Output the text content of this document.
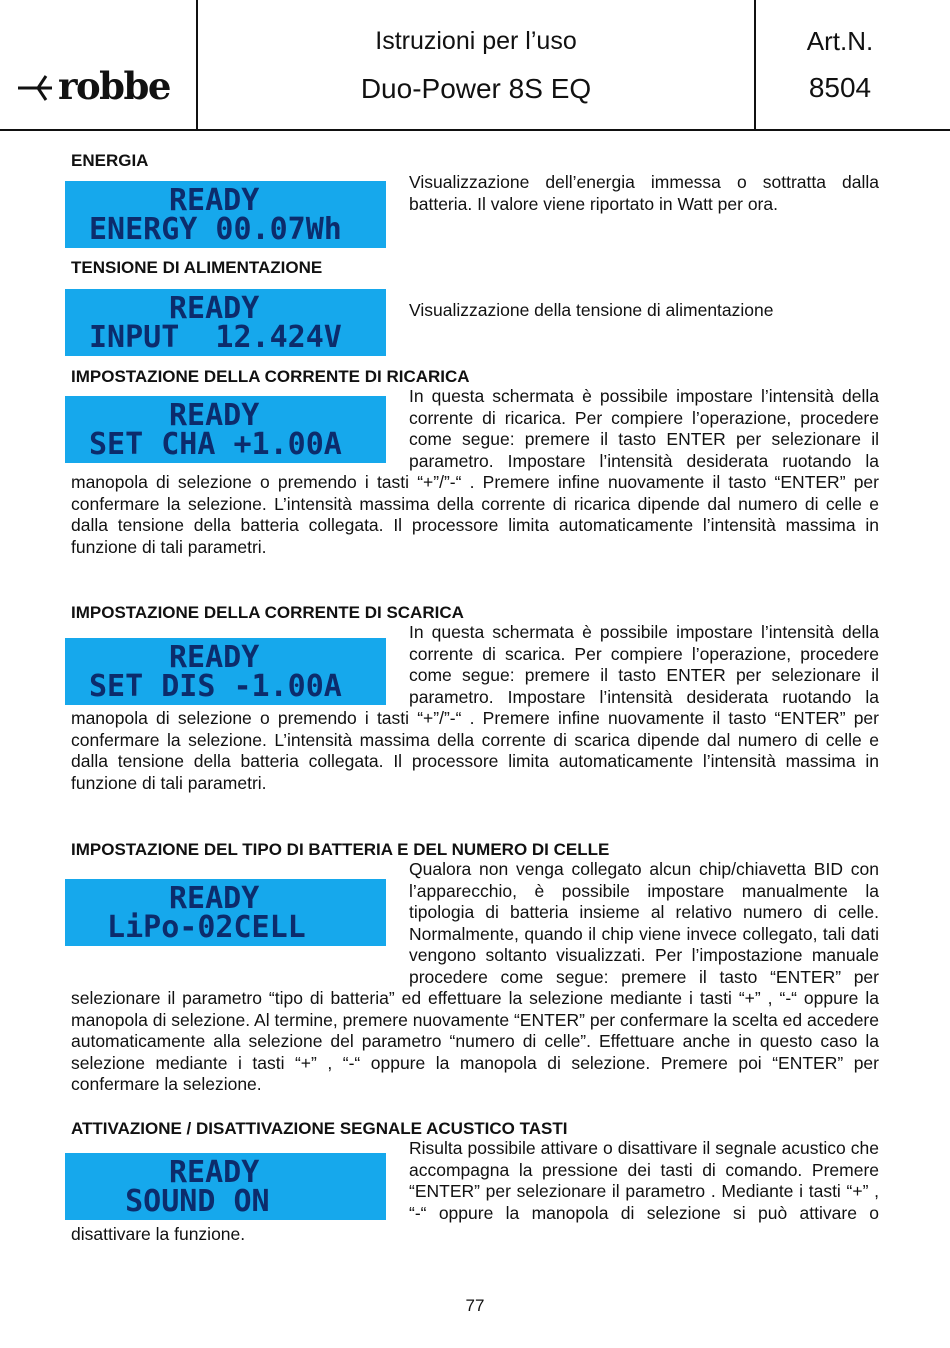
robbe
Istruzioni per l’uso
Duo-Power 8S EQ
Art.N.
8504
ENERGIA
READY
ENERGY 00.07Wh
Visualizzazione dell’energia immessa o sottratta dalla batteria. Il valore viene riportato in Watt per ora.
TENSIONE DI ALIMENTAZIONE
READY
INPUT  12.424V
Visualizzazione della tensione di alimentazione
IMPOSTAZIONE DELLA CORRENTE DI RICARICA
READY
SET CHA +1.00A
In questa schermata è possibile impostare l’intensità della corrente di ricarica. Per compiere l’operazione, procedere come segue: premere il tasto ENTER per selezionare il parametro. Impostare l’intensità desiderata ruotando la manopola di selezione o premendo i tasti “+”/”-“ . Premere infine nuovamente il tasto “ENTER” per confermare la selezione. L’intensità massima della corrente di ricarica dipende dal numero di celle e dalla tensione della batteria collegata. Il processore limita automaticamente l’intensità massima in funzione di tali parametri.
IMPOSTAZIONE DELLA CORRENTE DI SCARICA
READY
SET DIS -1.00A
In questa schermata è possibile impostare l’intensità della corrente di scarica. Per compiere l’operazione, procedere come segue: premere il tasto ENTER per selezionare il parametro. Impostare l’intensità desiderata ruotando la manopola di selezione o premendo i tasti “+”/”-“ . Premere infine nuovamente il tasto “ENTER” per confermare la selezione. L’intensità massima della corrente di scarica dipende dal numero di celle e dalla tensione della batteria collegata. Il processore limita automaticamente l’intensità massima in funzione di tali parametri.
IMPOSTAZIONE DEL TIPO DI BATTERIA E DEL NUMERO DI CELLE
READY
LiPo-02CELL
Qualora non venga collegato alcun chip/chiavetta BID con l’apparecchio, è possibile impostare manualmente la tipologia di batteria insieme al relativo numero di celle. Normalmente, quando il chip viene invece collegato, tali dati vengono soltanto visualizzati. Per l’impostazione manuale procedere come segue: premere il tasto “ENTER” per selezionare il parametro “tipo di batteria” ed effettuare la selezione mediante i tasti “+” , “-“ oppure la manopola di selezione. Al termine, premere nuovamente “ENTER” per confermare la scelta ed accedere automaticamente alla selezione del parametro “numero di celle”. Effettuare anche in questo caso la selezione mediante i tasti “+” , “-“ oppure la manopola di selezione. Premere poi “ENTER” per confermare la selezione.
ATTIVAZIONE / DISATTIVAZIONE SEGNALE ACUSTICO TASTI
READY
SOUND ON
Risulta possibile attivare o disattivare il segnale acustico che accompagna la pressione dei tasti di comando. Premere “ENTER” per selezionare il parametro . Mediante i tasti “+” , “-“ oppure la manopola di selezione si può attivare o disattivare la funzione.
77
